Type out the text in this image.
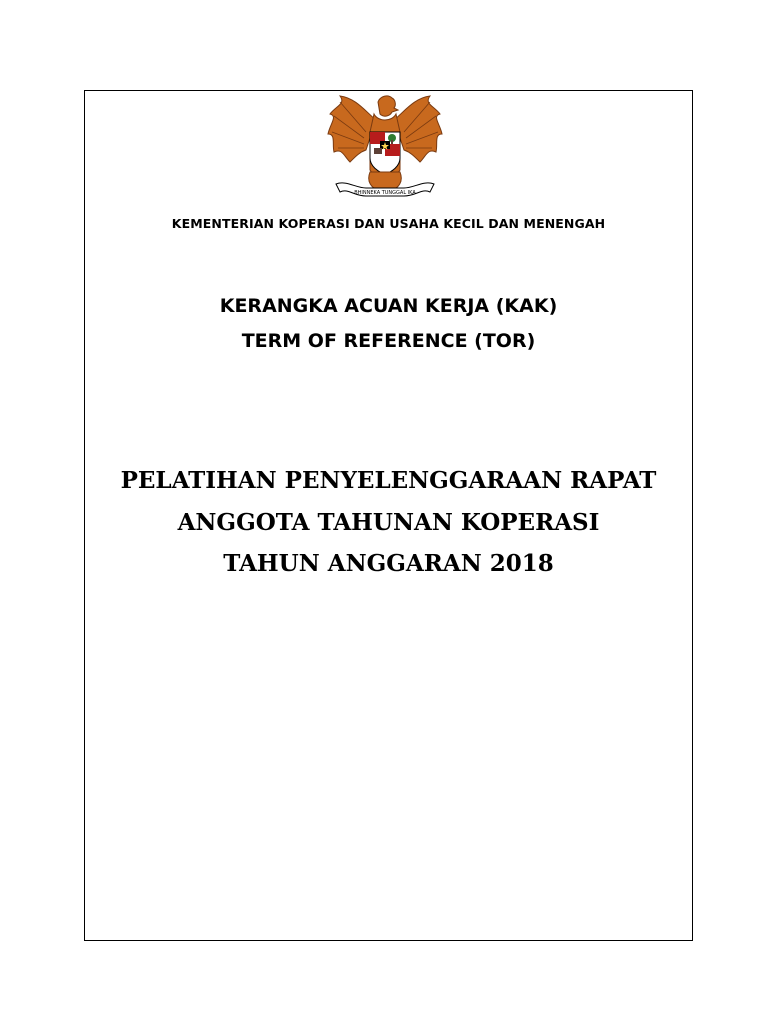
BHINNEKA TUNGGAL IKA
KEMENTERIAN KOPERASI DAN USAHA KECIL DAN MENENGAH
KERANGKA ACUAN KERJA (KAK)
TERM OF REFERENCE (TOR)
PELATIHAN PENYELENGGARAAN RAPAT
ANGGOTA TAHUNAN KOPERASI
TAHUN ANGGARAN 2018
